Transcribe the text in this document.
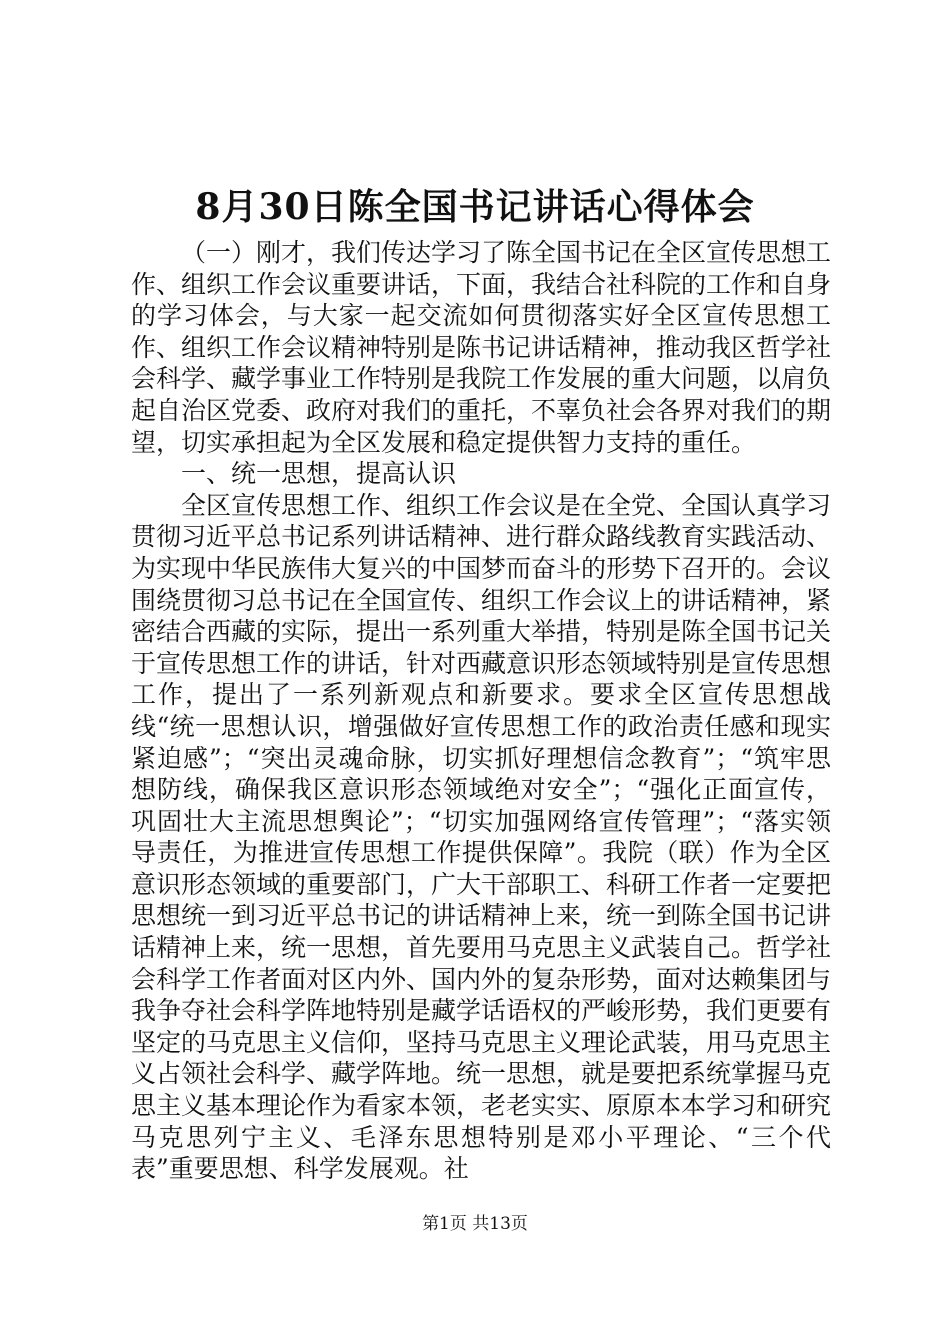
8月30日陈全国书记讲话心得体会

（一）刚才，我们传达学习了陈全国书记在全区宣传思想工作、组织工作会议重要讲话，下面，我结合社科院的工作和自身的学习体会，与大家一起交流如何贯彻落实好全区宣传思想工作、组织工作会议精神特别是陈书记讲话精神，推动我区哲学社会科学、藏学事业工作特别是我院工作发展的重大问题，以肩负起自治区党委、政府对我们的重托，不辜负社会各界对我们的期望，切实承担起为全区发展和稳定提供智力支持的重任。

一、统一思想，提高认识

全区宣传思想工作、组织工作会议是在全党、全国认真学习贯彻习近平总书记系列讲话精神、进行群众路线教育实践活动、为实现中华民族伟大复兴的中国梦而奋斗的形势下召开的。会议围绕贯彻习总书记在全国宣传、组织工作会议上的讲话精神，紧密结合西藏的实际，提出一系列重大举措，特别是陈全国书记关于宣传思想工作的讲话，针对西藏意识形态领域特别是宣传思想工作，提出了一系列新观点和新要求。要求全区宣传思想战线“统一思想认识，增强做好宣传思想工作的政治责任感和现实紧迫感”；“突出灵魂命脉，切实抓好理想信念教育”；“筑牢思想防线，确保我区意识形态领域绝对安全”；“强化正面宣传，巩固壮大主流思想舆论”；“切实加强网络宣传管理”；“落实领导责任，为推进宣传思想工作提供保障”。我院（联）作为全区意识形态领域的重要部门，广大干部职工、科研工作者一定要把思想统一到习近平总书记的讲话精神上来，统一到陈全国书记讲话精神上来，统一思想，首先要用马克思主义武装自己。哲学社会科学工作者面对区内外、国内外的复杂形势，面对达赖集团与我争夺社会科学阵地特别是藏学话语权的严峻形势，我们更要有坚定的马克思主义信仰，坚持马克思主义理论武装，用马克思主义占领社会科学、藏学阵地。统一思想，就是要把系统掌握马克思主义基本理论作为看家本领，老老实实、原原本本学习和研究马克思列宁主义、毛泽东思想特别是邓小平理论、“三个代表”重要思想、科学发展观。社

第1页 共13页
